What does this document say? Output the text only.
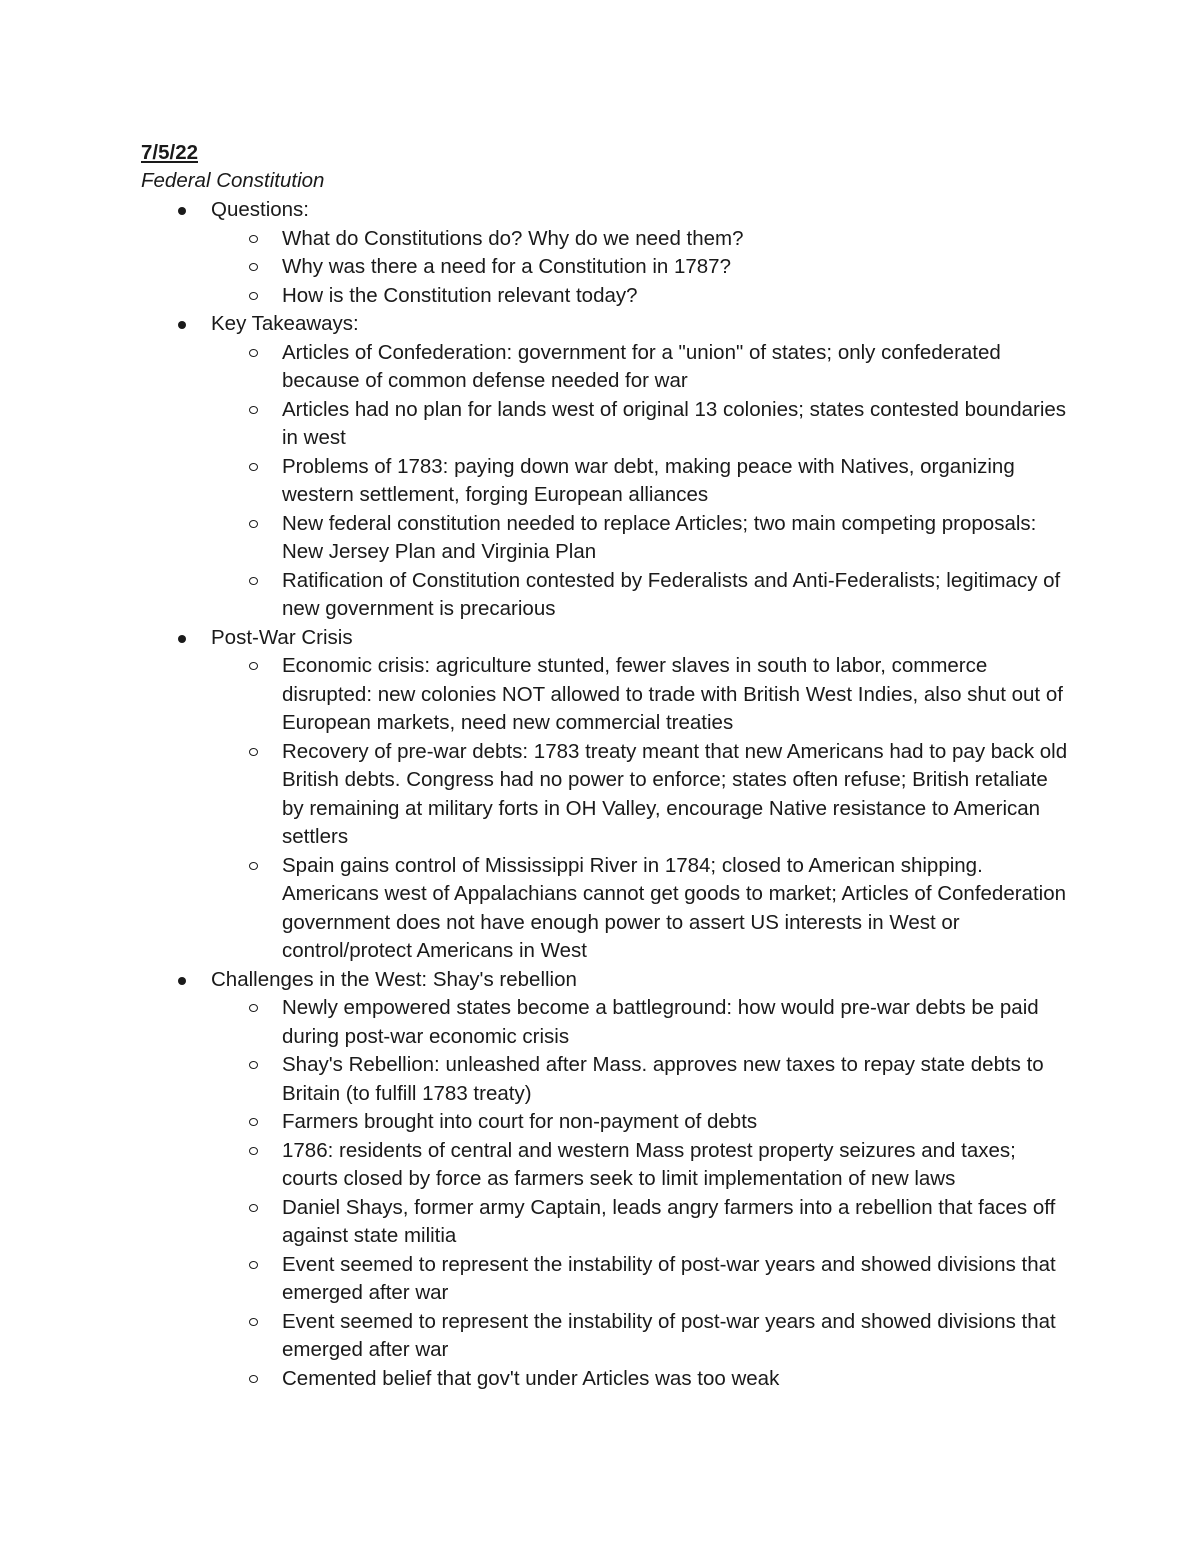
7/5/22
Federal Constitution
Questions:
What do Constitutions do? Why do we need them?
Why was there a need for a Constitution in 1787?
How is the Constitution relevant today?
Key Takeaways:
Articles of Confederation: government for a "union" of states; only confederated because of common defense needed for war
Articles had no plan for lands west of original 13 colonies; states contested boundaries in west
Problems of 1783: paying down war debt, making peace with Natives, organizing western settlement, forging European alliances
New federal constitution needed to replace Articles; two main competing proposals: New Jersey Plan and Virginia Plan
Ratification of Constitution contested by Federalists and Anti-Federalists; legitimacy of new government is precarious
Post-War Crisis
Economic crisis: agriculture stunted, fewer slaves in south to labor, commerce disrupted: new colonies NOT allowed to trade with British West Indies, also shut out of European markets, need new commercial treaties
Recovery of pre-war debts: 1783 treaty meant that new Americans had to pay back old British debts. Congress had no power to enforce; states often refuse; British retaliate by remaining at military forts in OH Valley, encourage Native resistance to American settlers
Spain gains control of Mississippi River in 1784; closed to American shipping. Americans west of Appalachians cannot get goods to market; Articles of Confederation government does not have enough power to assert US interests in West or control/protect Americans in West
Challenges in the West: Shay's rebellion
Newly empowered states become a battleground: how would pre-war debts be paid during post-war economic crisis
Shay's Rebellion: unleashed after Mass. approves new taxes to repay state debts to Britain (to fulfill 1783 treaty)
Farmers brought into court for non-payment of debts
1786: residents of central and western Mass protest property seizures and taxes; courts closed by force as farmers seek to limit implementation of new laws
Daniel Shays, former army Captain, leads angry farmers into a rebellion that faces off against state militia
Event seemed to represent the instability of post-war years and showed divisions that emerged after war
Event seemed to represent the instability of post-war years and showed divisions that emerged after war
Cemented belief that gov't under Articles was too weak
